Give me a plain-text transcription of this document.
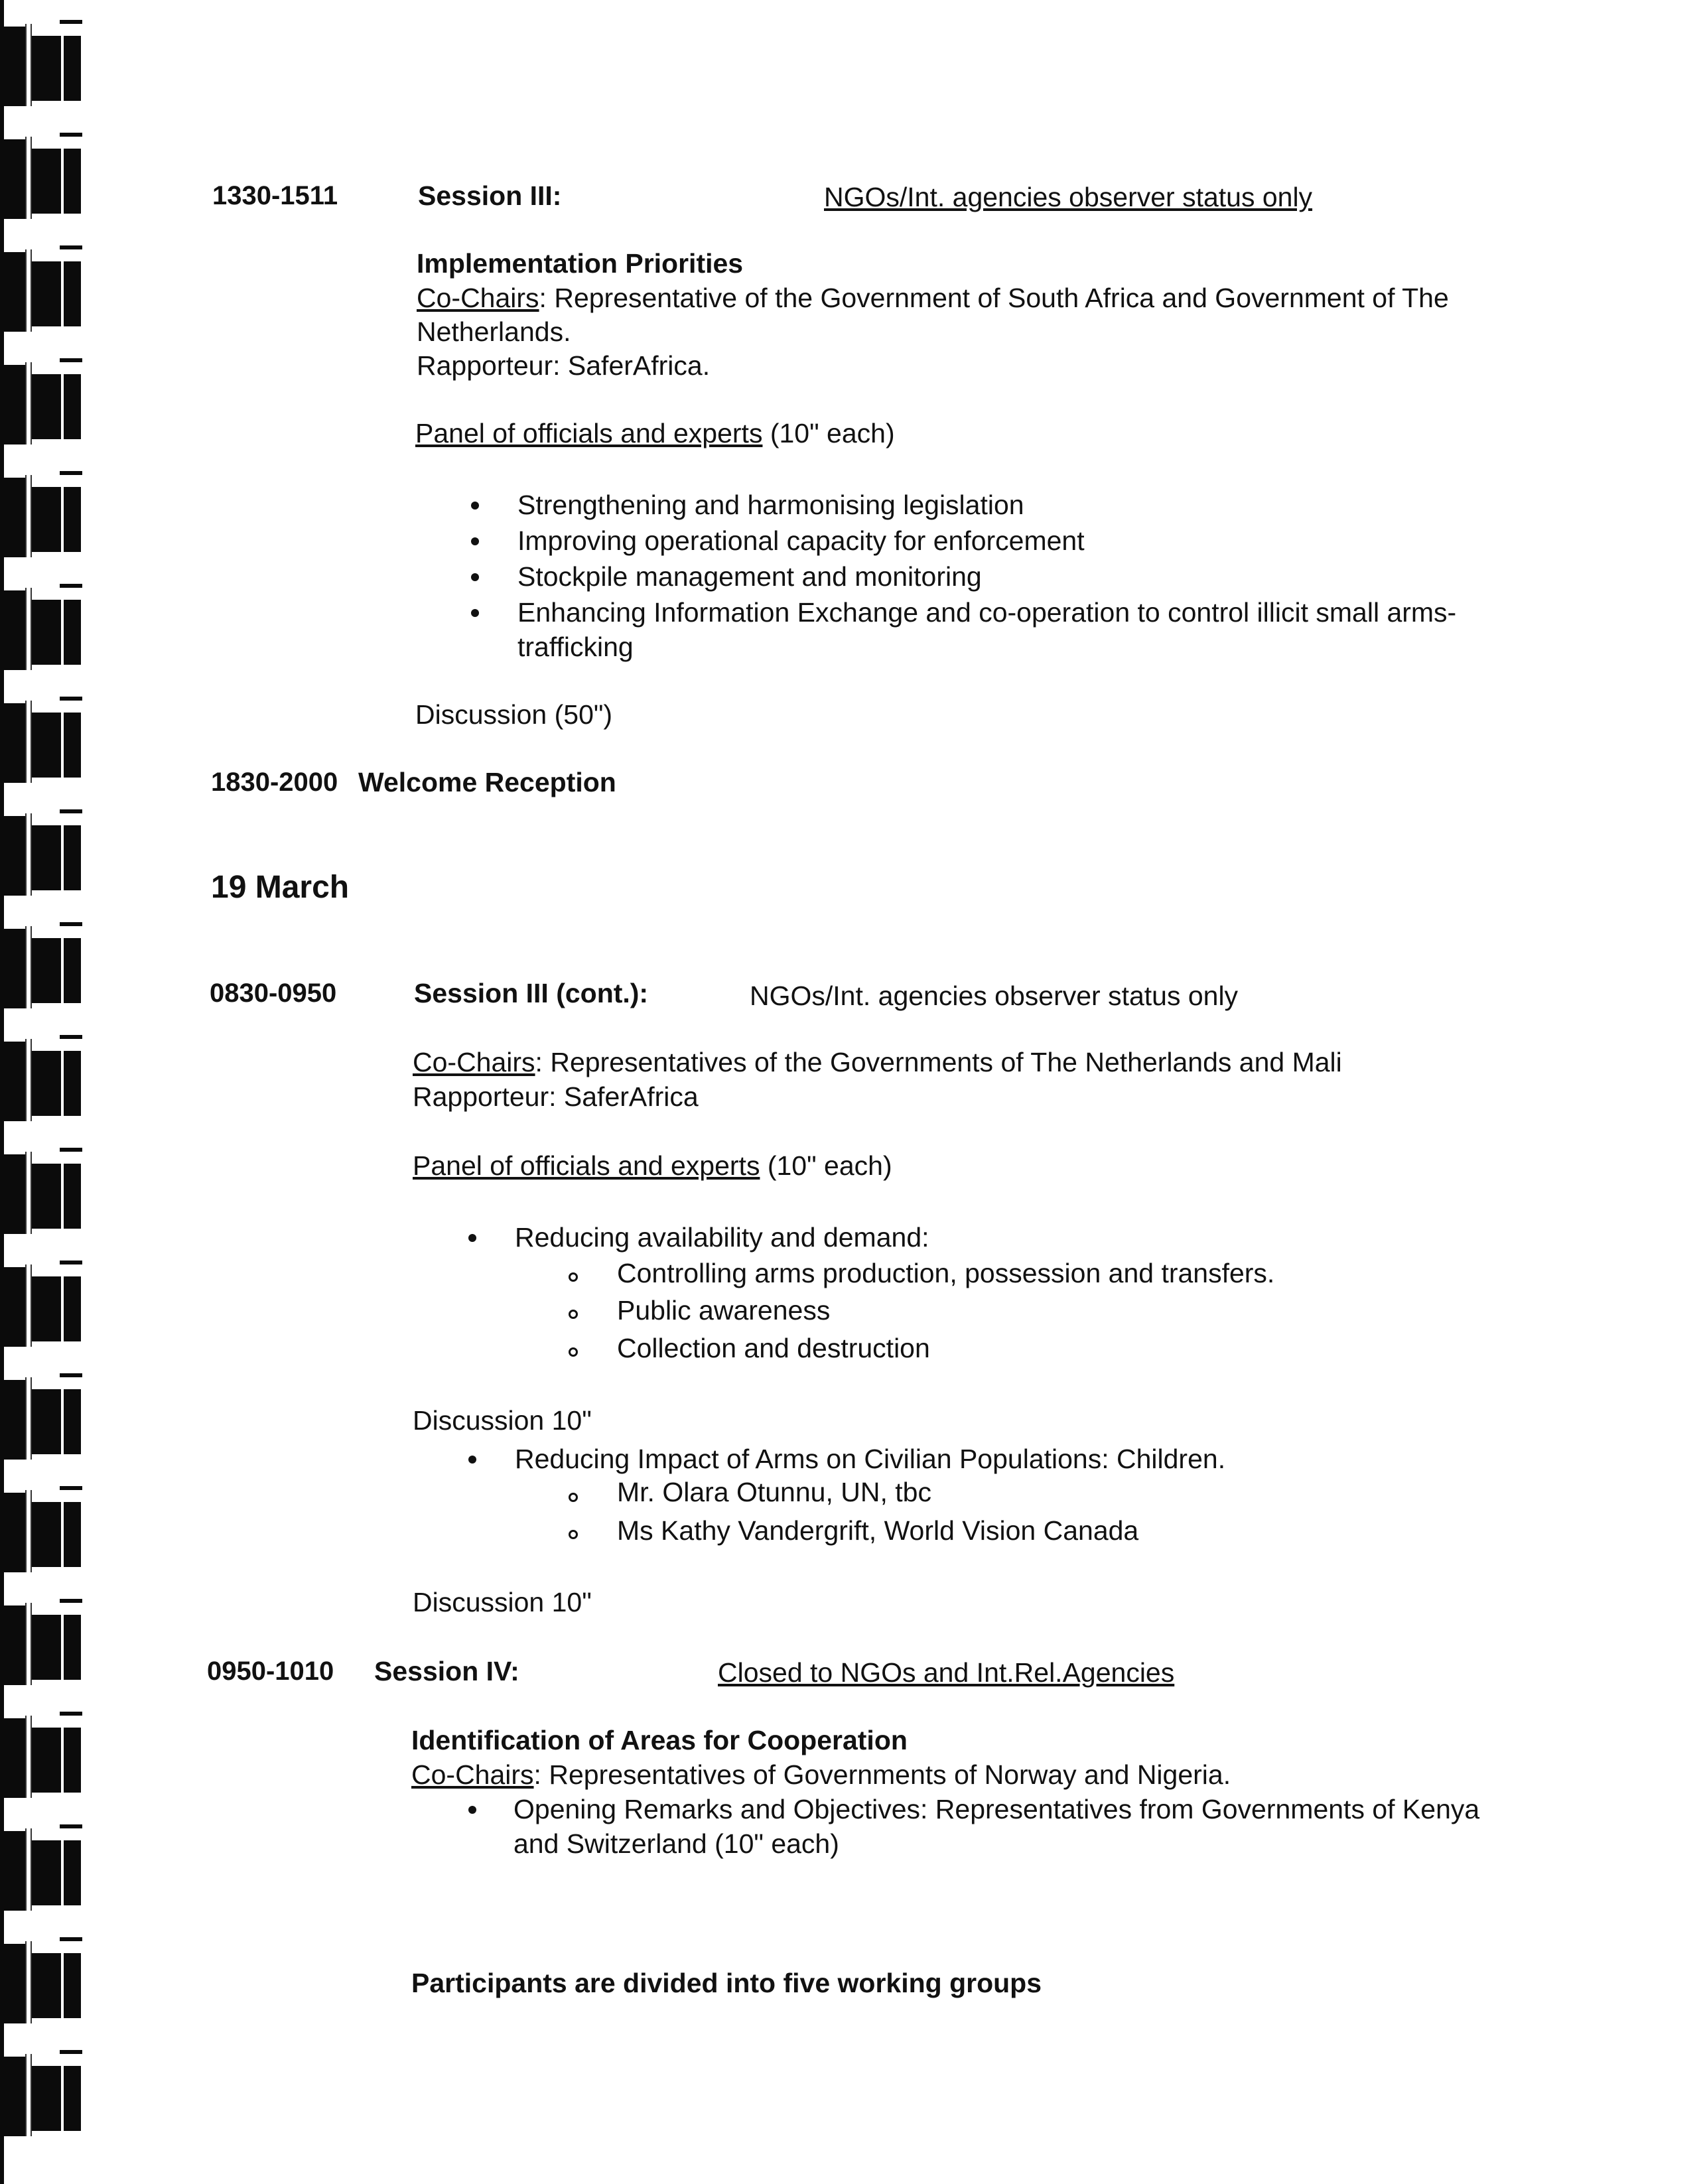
1330-1511	Session III:	NGOs/Int. agencies observer status only
Implementation Priorities
Co-Chairs: Representative of the Government of South Africa and Government of The
Netherlands.
Rapporteur: SaferAfrica.
Panel of officials and experts (10" each)
Strengthening and harmonising legislation
Improving operational capacity for enforcement
Stockpile management and monitoring
Enhancing Information Exchange and co-operation to control illicit small arms-
trafficking
Discussion (50")
1830-2000 Welcome Reception
19 March
0830-0950	Session III (cont.):	NGOs/Int. agencies observer status only
Co-Chairs: Representatives of the Governments of The Netherlands and Mali
Rapporteur: SaferAfrica
Panel of officials and experts (10" each)
Reducing availability and demand:
Controlling arms production, possession and transfers.
Public awareness
Collection and destruction
Discussion 10"
Reducing Impact of Arms on Civilian Populations: Children.
Mr. Olara Otunnu, UN, tbc
Ms Kathy Vandergrift, World Vision Canada
Discussion 10"
0950-1010 Session IV:	Closed to NGOs and Int.Rel.Agencies
Identification of Areas for Cooperation
Co-Chairs: Representatives of Governments of Norway and Nigeria.
Opening Remarks and Objectives: Representatives from Governments of Kenya
and Switzerland (10" each)
Participants are divided into five working groups
